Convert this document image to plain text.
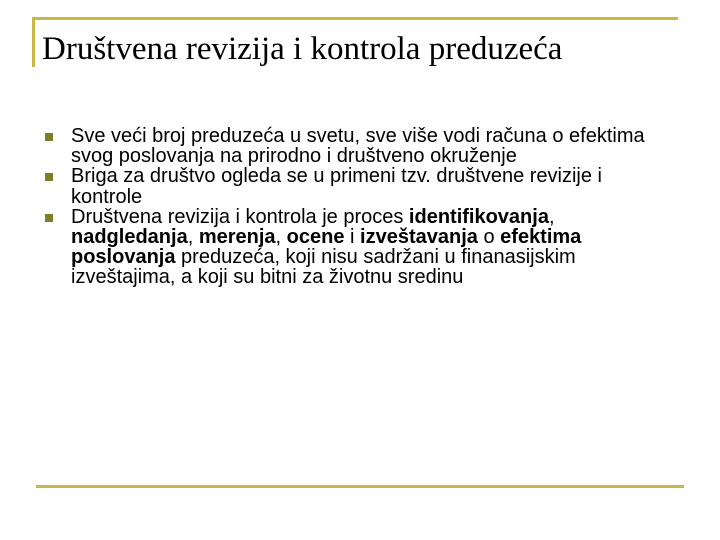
Društvena revizija i kontrola preduzeća
Sve veći broj preduzeća u svetu, sve više vodi računa o efektima svog poslovanja na prirodno i društveno okruženje
Briga za društvo ogleda se u primeni tzv. društvene revizije i kontrole
Društvena revizija i kontrola je proces identifikovanja, nadgledanja, merenja, ocene i izveštavanja o efektima poslovanja preduzeća, koji nisu sadržani u finanasijskim izveštajima, a koji su bitni za životnu sredinu
